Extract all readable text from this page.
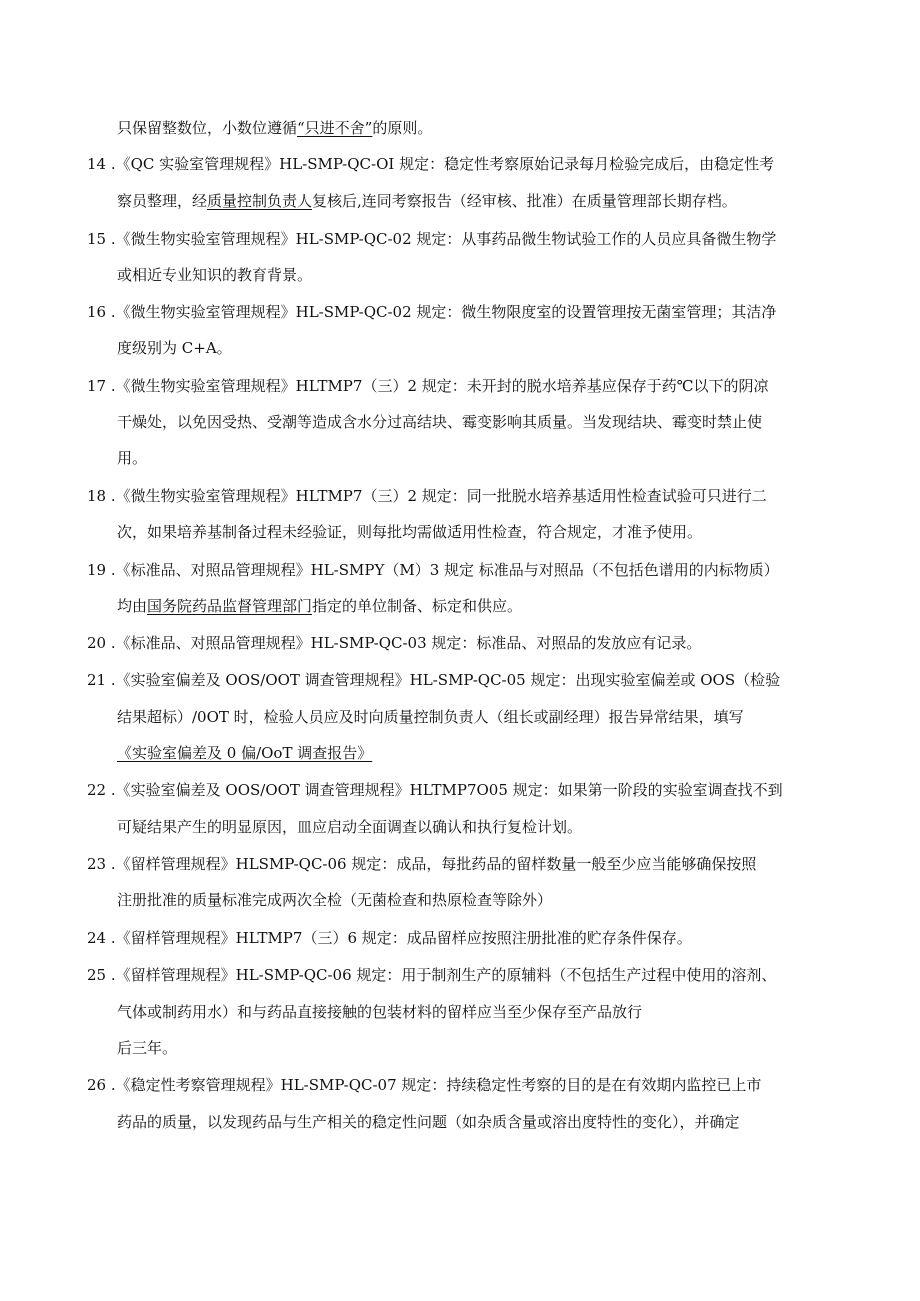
只保留整数位，小数位遵循“只进不舍”的原则。
14 .《QC 实验室管理规程》HL-SMP-QC-OI 规定：稳定性考察原始记录每月检验完成后，由稳定性考
察员整理，经质量控制负责人复核后,连同考察报告（经审核、批准）在质量管理部长期存档。
15 .《微生物实验室管理规程》HL-SMP-QC-02 规定：从事药品微生物试验工作的人员应具备微生物学
或相近专业知识的教育背景。
16 .《微生物实验室管理规程》HL-SMP-QC-02 规定：微生物限度室的设置管理按无菌室管理；其洁净
度级别为 C+A。
17 .《微生物实验室管理规程》HLTMP7（三）2 规定：未开封的脱水培养基应保存于药℃以下的阴凉
干燥处，以免因受热、受潮等造成含水分过高结块、霉变影响其质量。当发现结块、霉变时禁止使
用。
18 .《微生物实验室管理规程》HLTMP7（三）2 规定：同一批脱水培养基适用性检查试验可只进行二
次，如果培养基制备过程未经验证，则每批均需做适用性检查，符合规定，才准予使用。
19 .《标准品、对照品管理规程》HL-SMPY（M）3 规定 标准品与对照品（不包括色谱用的内标物质）
均由国务院药品监督管理部门指定的单位制备、标定和供应。
20 .《标准品、对照品管理规程》HL-SMP-QC-03 规定：标准品、对照品的发放应有记录。
21 .《实验室偏差及 OOS/OOT 调查管理规程》HL-SMP-QC-05 规定：出现实验室偏差或 OOS（检验
结果超标）/0OT 时，检验人员应及时向质量控制负责人（组长或副经理）报告异常结果，填写
《实验室偏差及 0 偏/OoT 调查报告》
22 .《实验室偏差及 OOS/OOT 调查管理规程》HLTMP7O05 规定：如果第一阶段的实验室调查找不到
可疑结果产生的明显原因，皿应启动全面调查以确认和执行复检计划。
23 .《留样管理规程》HLSMP-QC-06 规定：成品，每批药品的留样数量一般至少应当能够确保按照
注册批准的质量标准完成两次全检（无菌检查和热原检查等除外）
24 .《留样管理规程》HLTMP7（三）6 规定：成品留样应按照注册批准的贮存条件保存。
25 .《留样管理规程》HL-SMP-QC-06 规定：用于制剂生产的原辅料（不包括生产过程中使用的溶剂、
气体或制药用水）和与药品直接接触的包装材料的留样应当至少保存至产品放行
后三年。
26 .《稳定性考察管理规程》HL-SMP-QC-07 规定：持续稳定性考察的目的是在有效期内监控已上市
药品的质量，以发现药品与生产相关的稳定性问题（如杂质含量或溶出度特性的变化），并确定
